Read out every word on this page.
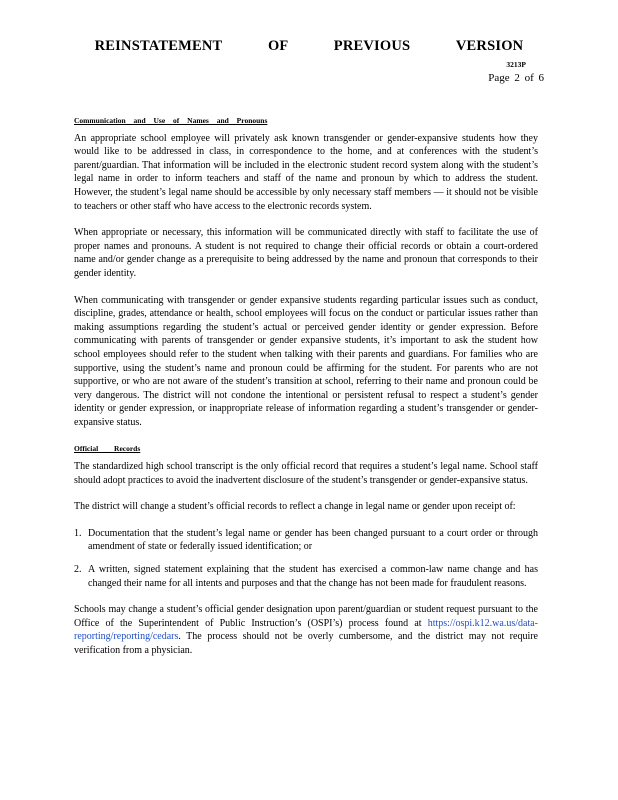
REINSTATEMENT OF PREVIOUS VERSION
3213P
Page 2 of 6
Communication and Use of Names and Pronouns

An appropriate school employee will privately ask known transgender or gender-expansive students how they would like to be addressed in class, in correspondence to the home, and at conferences with the student’s parent/guardian. That information will be included in the electronic student record system along with the student’s legal name in order to inform teachers and staff of the name and pronoun by which to address the student. However, the student’s legal name should be accessible by only necessary staff members — it should not be visible to teachers or other staff who have access to the electronic records system.

When appropriate or necessary, this information will be communicated directly with staff to facilitate the use of proper names and pronouns. A student is not required to change their official records or obtain a court-ordered name and/or gender change as a prerequisite to being addressed by the name and pronoun that corresponds to their gender identity.

When communicating with transgender or gender expansive students regarding particular issues such as conduct, discipline, grades, attendance or health, school employees will focus on the conduct or particular issues rather than making assumptions regarding the student’s actual or perceived gender identity or gender expression. Before communicating with parents of transgender or gender expansive students, it’s important to ask the student how school employees should refer to the student when talking with their parents and guardians. For families who are supportive, using the student’s name and pronoun could be affirming for the student. For parents who are not supportive, or who are not aware of the student’s transition at school, referring to their name and pronoun could be very dangerous. The district will not condone the intentional or persistent refusal to respect a student’s gender identity or gender expression, or inappropriate release of information regarding a student’s transgender or gender-expansive status.

Official Records

The standardized high school transcript is the only official record that requires a student’s legal name. School staff should adopt practices to avoid the inadvertent disclosure of the student’s transgender or gender-expansive status.

The district will change a student’s official records to reflect a change in legal name or gender upon receipt of:

1. Documentation that the student’s legal name or gender has been changed pursuant to a court order or through amendment of state or federally issued identification; or
2. A written, signed statement explaining that the student has exercised a common-law name change and has changed their name for all intents and purposes and that the change has not been made for fraudulent reasons.

Schools may change a student’s official gender designation upon parent/guardian or student request pursuant to the Office of the Superintendent of Public Instruction’s (OSPI’s) process found at https://ospi.k12.wa.us/data-reporting/reporting/cedars. The process should not be overly cumbersome, and the district may not require verification from a physician.
